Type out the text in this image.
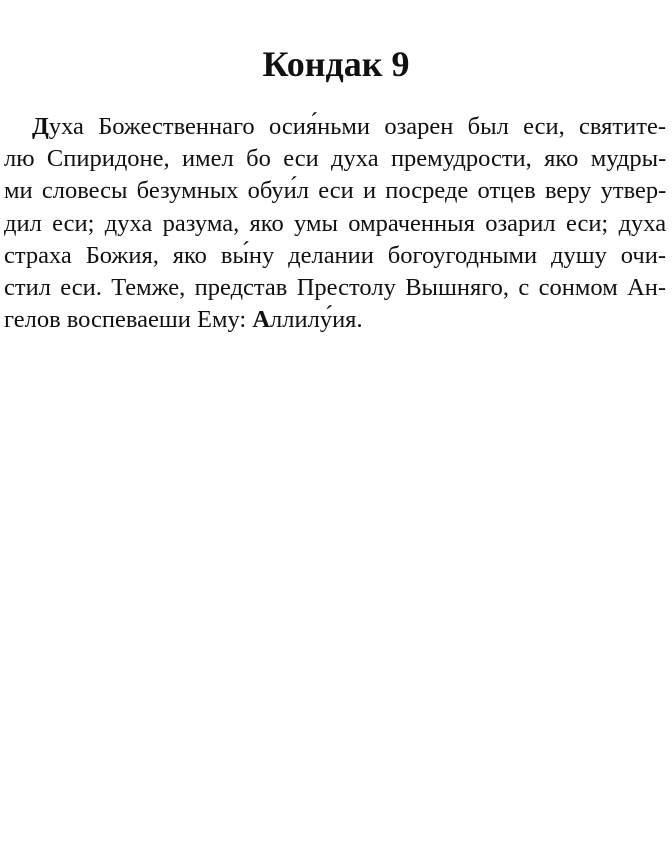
Кондак 9
Духа Божественнаго осия́ньми озарен был еси, святите-
лю Спиридоне, имел бо еси духа премудрости, яко мудры-
ми словесы безумных обуи́л еси и посреде отцев веру утвер-
дил еси; духа разума, яко умы омраченныя озарил еси; духа
страха Божия, яко вы́ну делании богоугодными душу очи-
стил еси. Темже, представ Престолу Вышняго, с сонмом Ан-
гелов воспеваеши Ему: Аллилу́ия.
